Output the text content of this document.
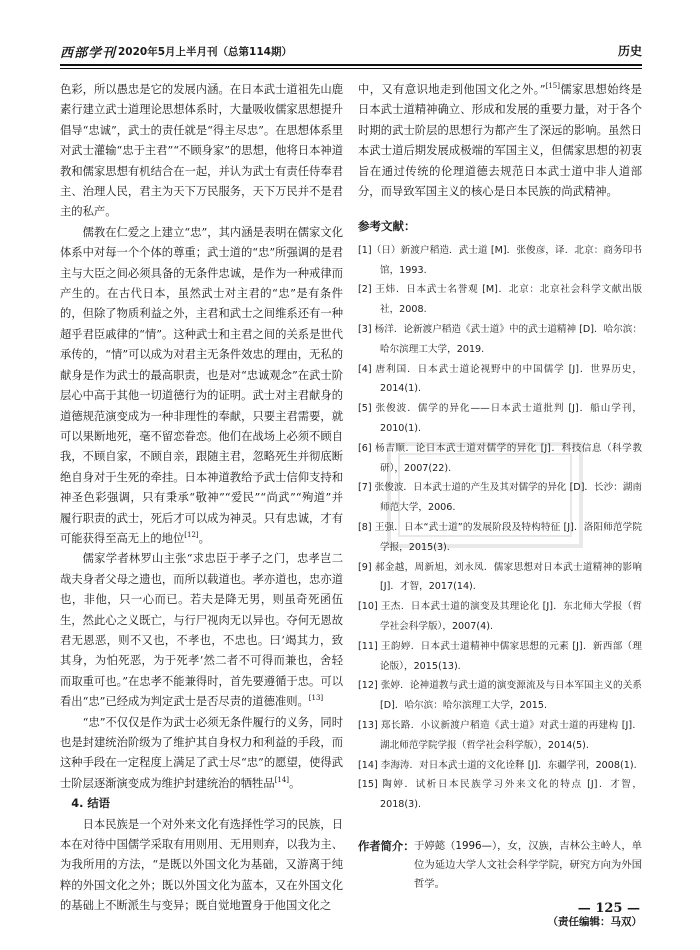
西部学刊 2020年5月上半月刊（总第114期）	历史

色彩，所以愚忠是它的发展内涵。在日本武士道祖先山鹿素行建立武士道理论思想体系时，大量吸收儒家思想提升倡导“忠诚”，武士的责任就是“得主尽忠”。在思想体系里对武士灌输“忠于主君”“不顾身家”的思想，他将日本神道教和儒家思想有机结合在一起，并认为武士有责任侍奉君主、治理人民，君主为天下万民服务，天下万民并不是君主的私产。

儒教在仁爱之上建立“忠”，其内涵是表明在儒家文化体系中对每一个个体的尊重；武士道的“忠”所强调的是君主与大臣之间必须具备的无条件忠诚，是作为一种戒律而产生的。在古代日本，虽然武士对主君的“忠”是有条件的，但除了物质利益之外，主君和武士之间维系还有一种超乎君臣戚律的“情”。这种武士和主君之间的关系是世代承传的，“情”可以成为对君主无条件效忠的理由，无私的献身是作为武士的最高职责，也是对“忠诚观念”在武士阶层心中高于其他一切道德行为的证明。武士对主君献身的道德规范演变成为一种非理性的奉献，只要主君需要，就可以果断地死，毫不留恋眷恋。他们在战场上必须不顾自我，不顾自家，不顾自亲，跟随主君，忽略死生并彻底断绝自身对于生死的牵挂。日本神道教给予武士信仰支持和神圣色彩强调，只有秉承“敬神”“爱民”“尚武”“殉道”并履行职责的武士，死后才可以成为神灵。只有忠诚，才有可能获得至高无上的地位[12]。

儒家学者林罗山主张“求忠臣于孝子之门，忠孝岂二哉夫身者父母之遗也，而所以载道也。孝亦道也，忠亦道也，非他，只一心而已。若夫是降无男，则虽奇死函伍生，然此心之义既亡，与行尸视肉无以异也。夺何无恩故君无恩恶，则不又也，不孝也，不忠也。曰‘竭其力，致其身，为怕死恶，为于死孝’然二者不可得而兼也，舍轻而取重可也。”在忠孝不能兼得时，首先要遵循于忠。可以看出“忠”已经成为判定武士是否尽责的道德准则。[13]

“忠”不仅仅是作为武士必须无条件履行的义务，同时也是封建统治阶级为了维护其自身权力和利益的手段，而这种手段在一定程度上满足了武士尽“忠”的愿望，使得武士阶层逐渐演变成为维护封建统治的牺牲品[14]。

4. 结语

日本民族是一个对外来文化有选择性学习的民族，日本在对待中国儒学采取有用则用、无用则弃，以我为主、为我所用的方法，“是既以外国文化为基础，又游离于纯粹的外国文化之外；既以外国文化为蓝本，又在外国文化的基础上不断派生与变异；既自觉地置身于他国文化之

中，又有意识地走到他国文化之外。”[15]儒家思想始终是日本武士道精神确立、形成和发展的重要力量，对于各个时期的武士阶层的思想行为都产生了深远的影响。虽然日本武士道后期发展成极端的军国主义，但儒家思想的初衷旨在通过传统的伦理道德去规范日本武士道中非人道部分，而导致军国主义的核心是日本民族的尚武精神。

参考文献：
[1]（日）新渡户稻造．武士道 [M]．张俊彦，译．北京：商务印书馆，1993.
[2] 王炜．日本武士名誉观 [M]．北京：北京社会科学文献出版社，2008.
[3] 杨洋．论新渡户稻造《武士道》中的武士道精神 [D]．哈尔滨：哈尔滨理工大学，2019.
[4] 唐利国．日本武士道论视野中的中国儒学 [J]．世界历史，2014(1).
[5] 张俊波．儒学的异化——日本武士道批判 [J]．船山学刊，2010(1).
[6] 杨吉顺．论日本武士道对儒学的异化 [J]．科技信息（科学教研），2007(22).
[7] 张俊波．日本武士道的产生及其对儒学的异化 [D]．长沙：湖南师范大学，2006.
[8] 王强．日本“武士道”的发展阶段及特构特征 [J]．洛阳师范学院学报，2015(3).
[9] 郝金越，周新旭，刘永凤．儒家思想对日本武士道精神的影响 [J]．才智，2017(14).
[10] 王杰．日本武士道的演变及其理论化 [J]．东北师大学报（哲学社会科学版），2007(4).
[11] 王韵婷．日本武士道精神中儒家思想的元素 [J]．新西部（理论版），2015(13).
[12] 张婷．论神道教与武士道的演变源流及与日本军国主义的关系 [D]．哈尔滨：哈尔滨理工大学，2015.
[13] 郑长路．小议新渡户稻造《武士道》对武士道的再建构 [J]．湖北师范学院学报（哲学社会科学版），2014(5).
[14] 李海涛．对日本武士道的文化诠释 [J]．东疆学刊，2008(1).
[15] 陶婷．试析日本民族学习外来文化的特点 [J]．才智，2018(3).
作者简介： 于婷懿（1996—），女，汉族，吉林公主岭人，单位为延边大学人文社会科学学院，研究方向为外国哲学。
（责任编辑：马双）
— 125 —
